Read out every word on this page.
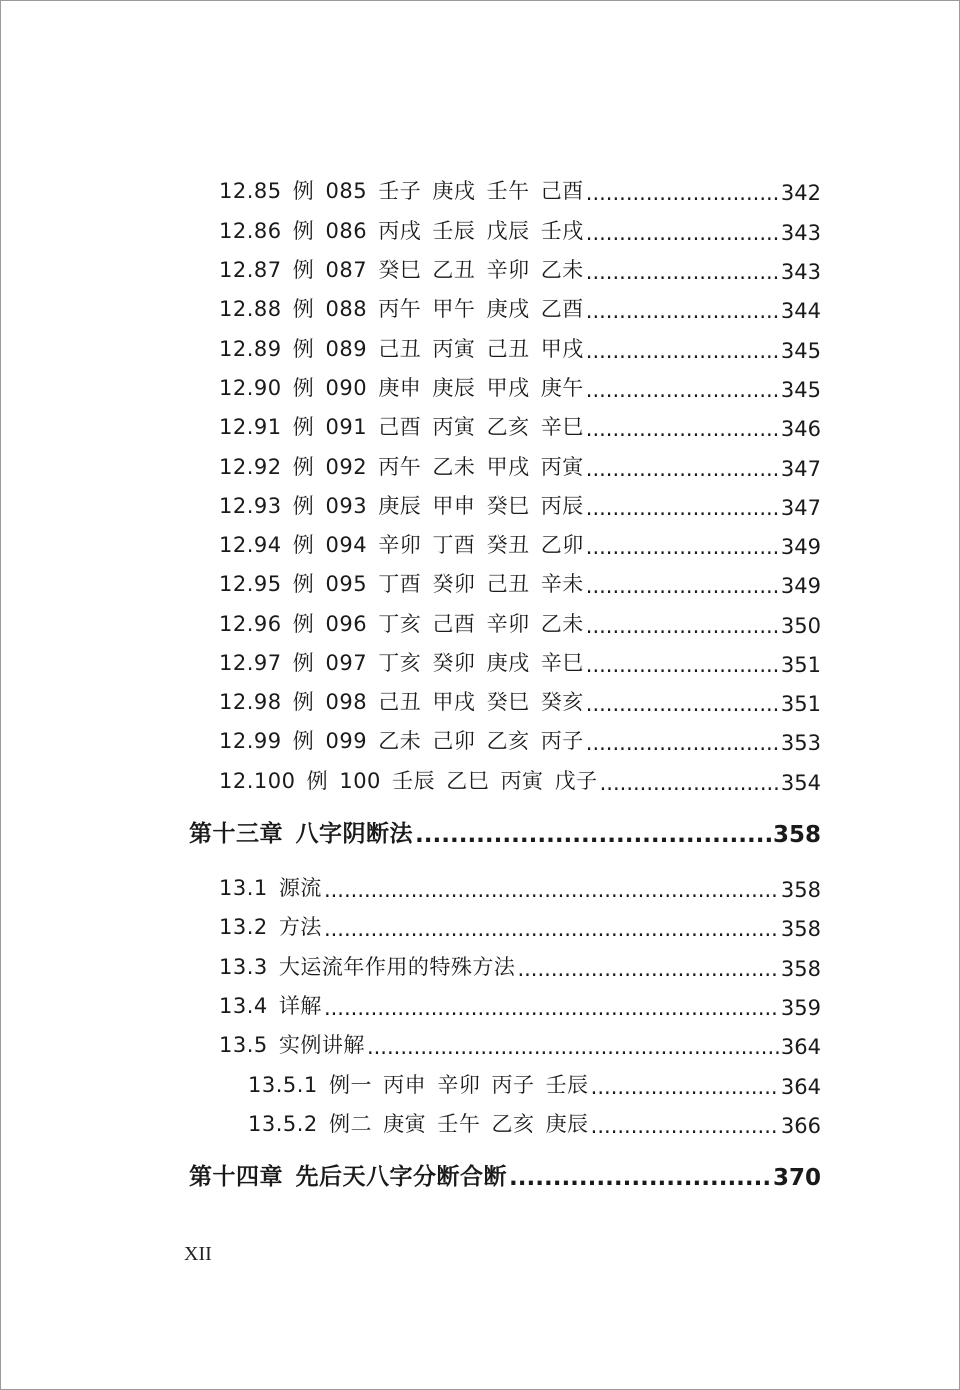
12.85 例 085 壬子 庚戌 壬午 己酉 .....	342
12.86 例 086 丙戌 壬辰 戊辰 壬戌 .....	343
12.87 例 087 癸巳 乙丑 辛卯 乙未 .....	343
12.88 例 088 丙午 甲午 庚戌 乙酉 .....	344
12.89 例 089 己丑 丙寅 己丑 甲戌 .....	345
12.90 例 090 庚申 庚辰 甲戌 庚午 .....	345
12.91 例 091 己酉 丙寅 乙亥 辛巳 .....	346
12.92 例 092 丙午 乙未 甲戌 丙寅 .....	347
12.93 例 093 庚辰 甲申 癸巳 丙辰 .....	347
12.94 例 094 辛卯 丁酉 癸丑 乙卯 .....	349
12.95 例 095 丁酉 癸卯 己丑 辛未 .....	349
12.96 例 096 丁亥 己酉 辛卯 乙未 .....	350
12.97 例 097 丁亥 癸卯 庚戌 辛巳 .....	351
12.98 例 098 己丑 甲戌 癸巳 癸亥 .....	351
12.99 例 099 乙未 己卯 乙亥 丙子 .....	353
12.100 例 100 壬辰 乙巳 丙寅 戊子 .....	354
第十三章 八字阴断法 .....	358
13.1 源流 .....	358
13.2 方法 .....	358
13.3 大运流年作用的特殊方法 .....	358
13.4 详解 .....	359
13.5 实例讲解 .....	364
13.5.1 例一 丙申 辛卯 丙子 壬辰 .....	364
13.5.2 例二 庚寅 壬午 乙亥 庚辰 .....	366
第十四章 先后天八字分断合断 .....	370
XII
